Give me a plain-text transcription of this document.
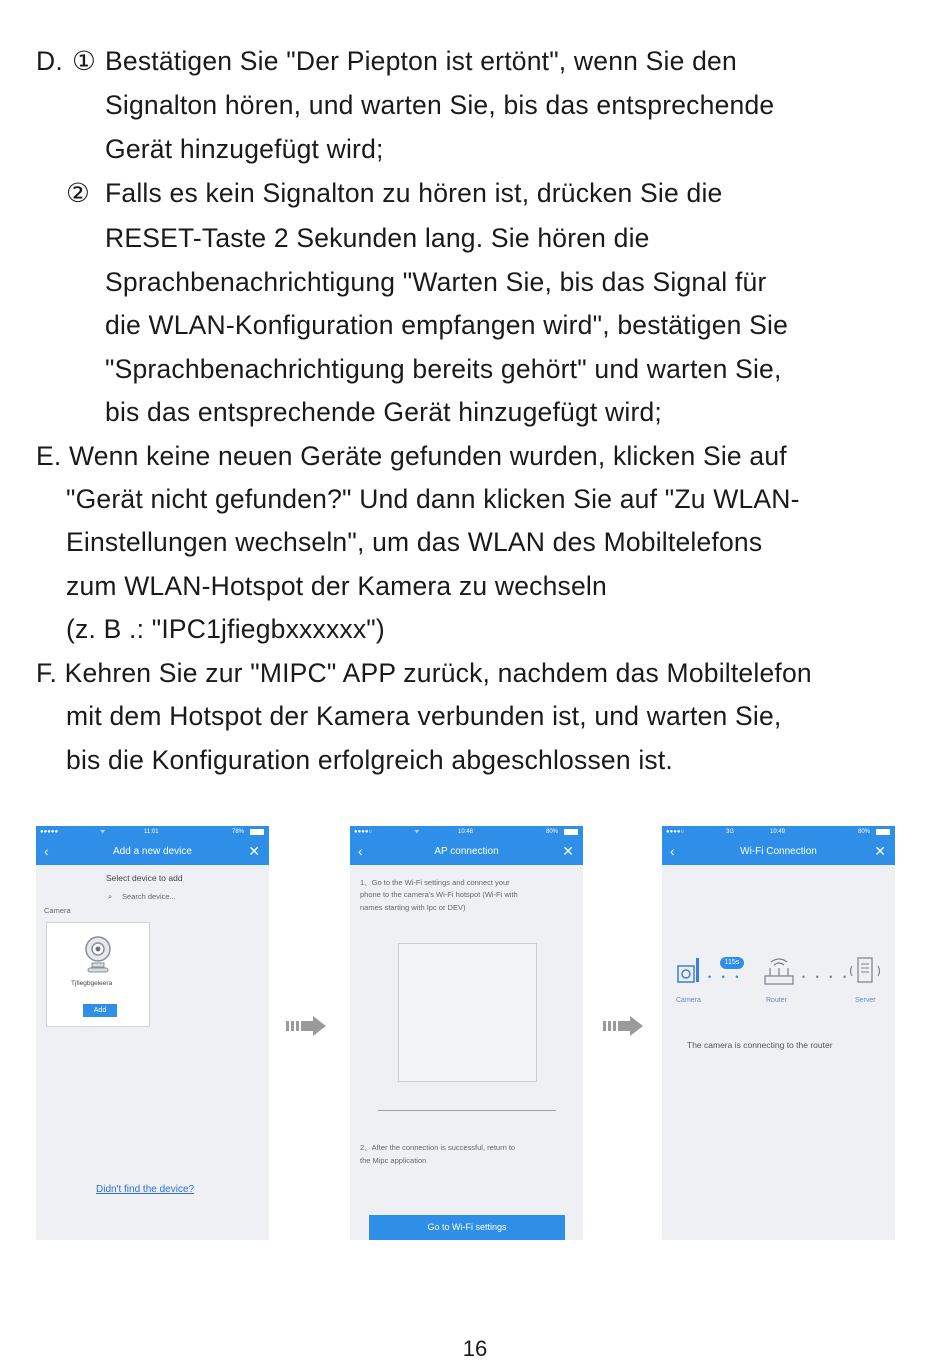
D. ① Bestätigen Sie "Der Piepton ist ertönt", wenn Sie den
Signalton hören, und warten Sie, bis das entsprechende
Gerät hinzugefügt wird;
② Falls es kein Signalton zu hören ist, drücken Sie die
RESET-Taste 2 Sekunden lang. Sie hören die
Sprachbenachrichtigung "Warten Sie, bis das Signal für
die WLAN-Konfiguration empfangen wird", bestätigen Sie
"Sprachbenachrichtigung bereits gehört" und warten Sie,
bis das entsprechende Gerät hinzugefügt wird;
E. Wenn keine neuen Geräte gefunden wurden, klicken Sie auf
"Gerät nicht gefunden?" Und dann klicken Sie auf "Zu WLAN-
Einstellungen wechseln", um das WLAN des Mobiltelefons
zum WLAN-Hotspot der Kamera zu wechseln
(z. B .: "IPC1jfiegbxxxxxx")
F. Kehren Sie zur "MIPC" APP zurück, nachdem das Mobiltelefon
mit dem Hotspot der Kamera verbunden ist, und warten Sie,
bis die Konfiguration erfolgreich abgeschlossen ist.
●●●●●	ᯤ	11:01	78%
‹	Add a new device	✕
Select device to add
⌕ Search device...
Camera
Tjfiegbgeleera
Add
Didn't find the device?
●●●●○	ᯤ	10:48	80%
‹	AP connection	✕
1、Go to the Wi-Fi settings and connect your
phone to the camera's Wi-Fi hotspot (Wi-Fi with
names starting with Ipc or DEV)
2、After the connection is successful, return to
the Mipc application
Go to Wi-Fi settings
●●●●○	3G	10:49	80%
‹	Wi-Fi Connection	✕
• • •
115s
• • • •
Camera	Router	Server
The camera is connecting to the router
16
